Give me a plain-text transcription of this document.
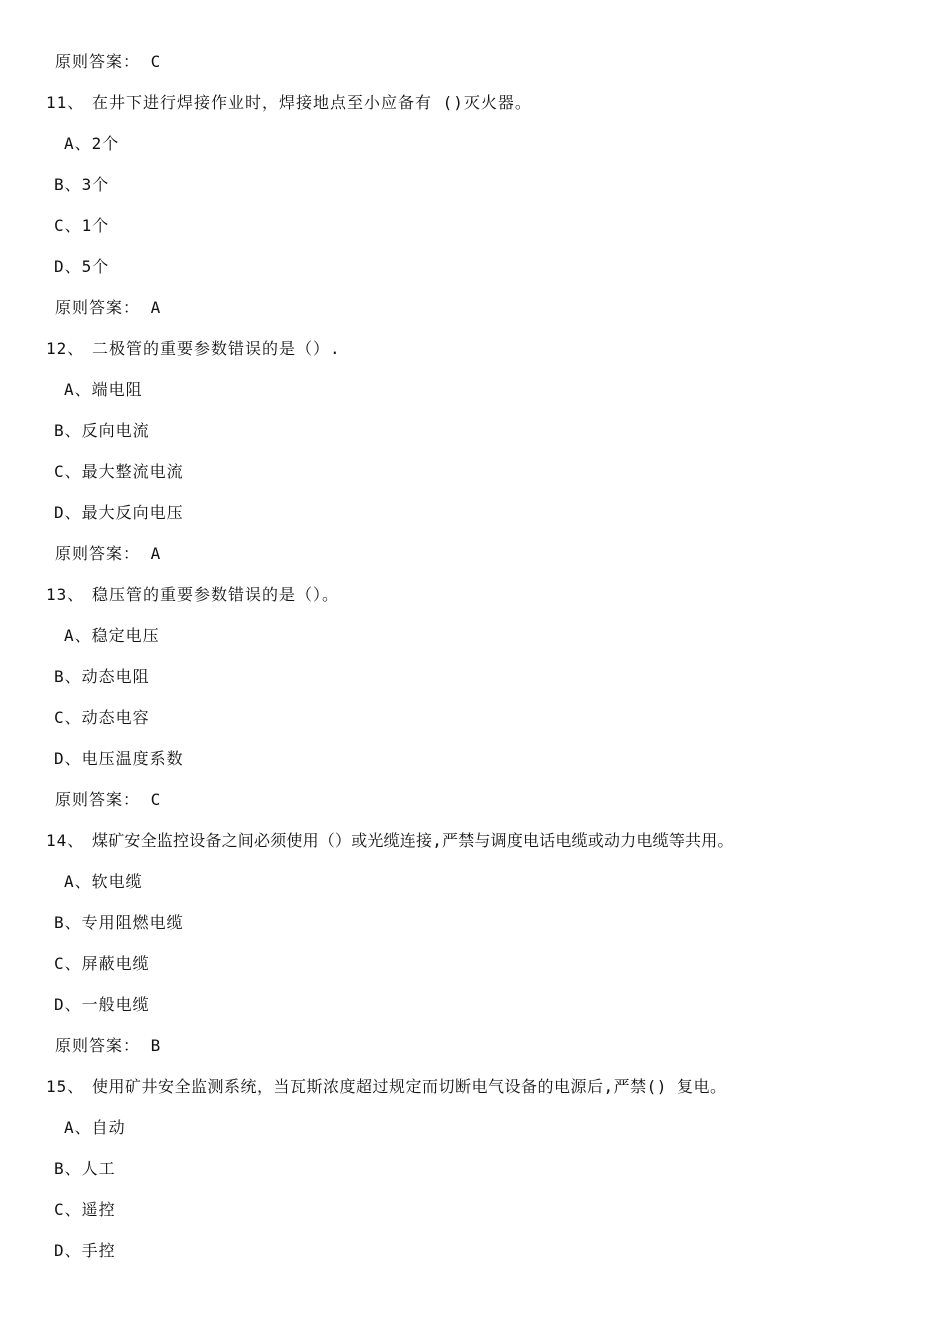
原则答案： C
11、 在井下进行焊接作业时，焊接地点至小应备有 ()灭火器。
A、2个
B、3个
C、1个
D、5个
原则答案： A
12、 二极管的重要参数错误的是（）.
A、端电阻
B、反向电流
C、最大整流电流
D、最大反向电压
原则答案： A
13、 稳压管的重要参数错误的是（）。
A、稳定电压
B、动态电阻
C、动态电容
D、电压温度系数
原则答案： C
14、 煤矿安全监控设备之间必须使用（）或光缆连接,严禁与调度电话电缆或动力电缆等共用。
A、软电缆
B、专用阻燃电缆
C、屏蔽电缆
D、一般电缆
原则答案： B
15、 使用矿井安全监测系统，当瓦斯浓度超过规定而切断电气设备的电源后,严禁() 复电。
A、自动
B、人工
C、遥控
D、手控
